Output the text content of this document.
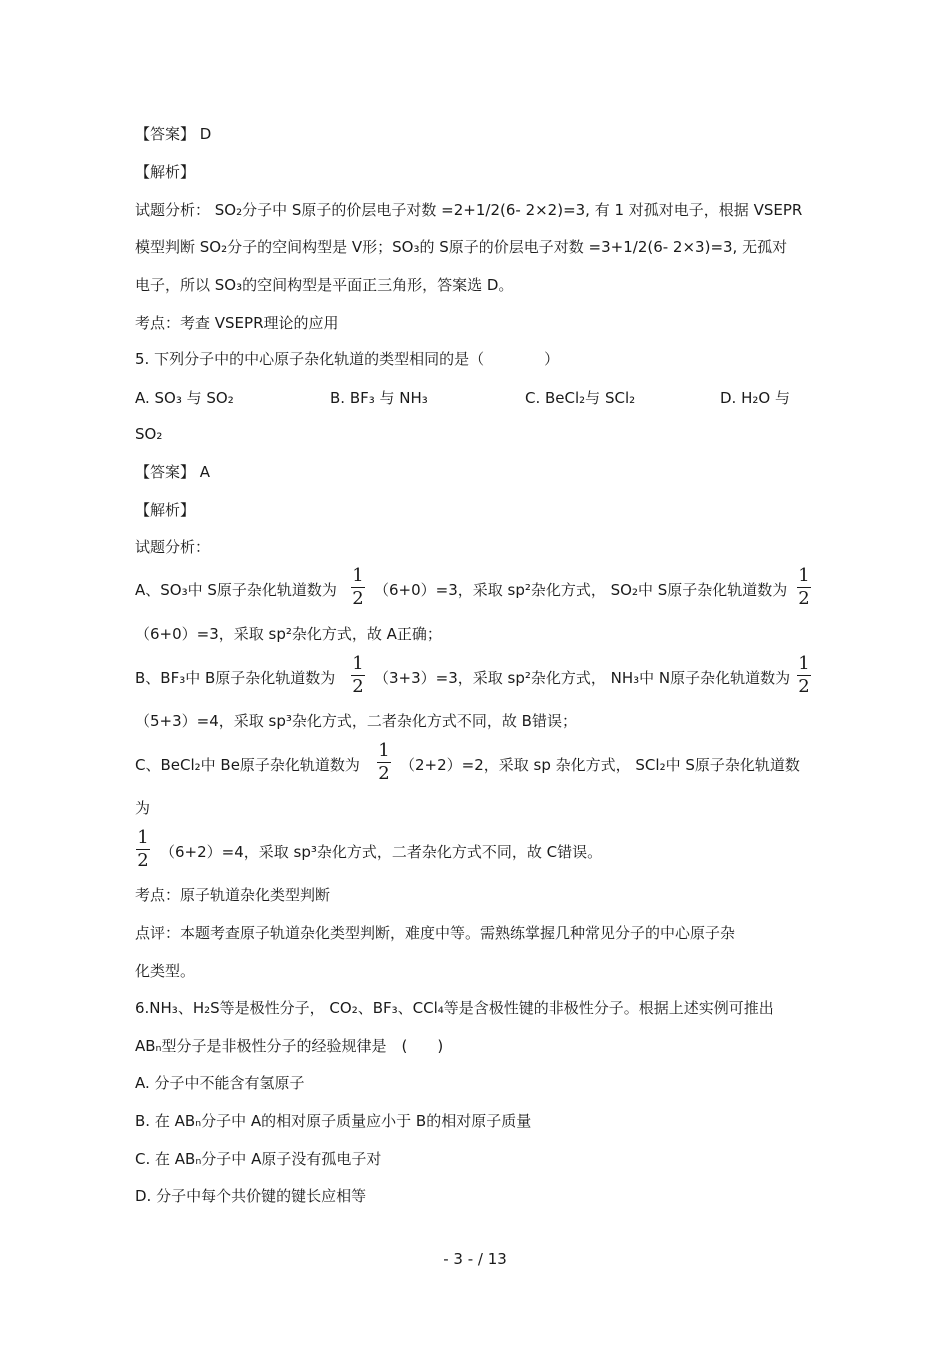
【答案】 D
【解析】
试题分析： SO₂分子中 S原子的价层电子对数 =2+1/2(6- 2×2)=3, 有 1 对孤对电子，根据 VSEPR
模型判断 SO₂分子的空间构型是 V形；SO₃的 S原子的价层电子对数 =3+1/2(6- 2×3)=3, 无孤对
电子，所以 SO₃的空间构型是平面正三角形，答案选 D。
考点：考查 VSEPR理论的应用
5. 下列分子中的中心原子杂化轨道的类型相同的是（　　　　）
A. SO₃ 与 SO₂	B. BF₃ 与 NH₃	C. BeCl₂与 SCl₂	D. H₂O 与
SO₂
【答案】 A
【解析】
试题分析：
A、SO₃中 S原子杂化轨道数为
1
2 （6+0）=3，采取 sp²杂化方式， SO₂中 S原子杂化轨道数为
1
2
（6+0）=3，采取 sp²杂化方式，故 A正确；
B、BF₃中 B原子杂化轨道数为
1
2 （3+3）=3，采取 sp²杂化方式， NH₃中 N原子杂化轨道数为
1
2
（5+3）=4，采取 sp³杂化方式，二者杂化方式不同，故 B错误；
C、BeCl₂中 Be原子杂化轨道数为
1
2 （2+2）=2，采取 sp 杂化方式， SCl₂中 S原子杂化轨道数
为
1
2 （6+2）=4，采取 sp³杂化方式，二者杂化方式不同，故 C错误。
考点：原子轨道杂化类型判断
点评：本题考查原子轨道杂化类型判断，难度中等。需熟练掌握几种常见分子的中心原子杂
化类型。
6.NH₃、H₂S等是极性分子， CO₂、BF₃、CCl₄等是含极性键的非极性分子。根据上述实例可推出
ABₙ型分子是非极性分子的经验规律是　(　　)
A. 分子中不能含有氢原子
B. 在 ABₙ分子中 A的相对原子质量应小于 B的相对原子质量
C. 在 ABₙ分子中 A原子没有孤电子对
D. 分子中每个共价键的键长应相等
- 3 - / 13
